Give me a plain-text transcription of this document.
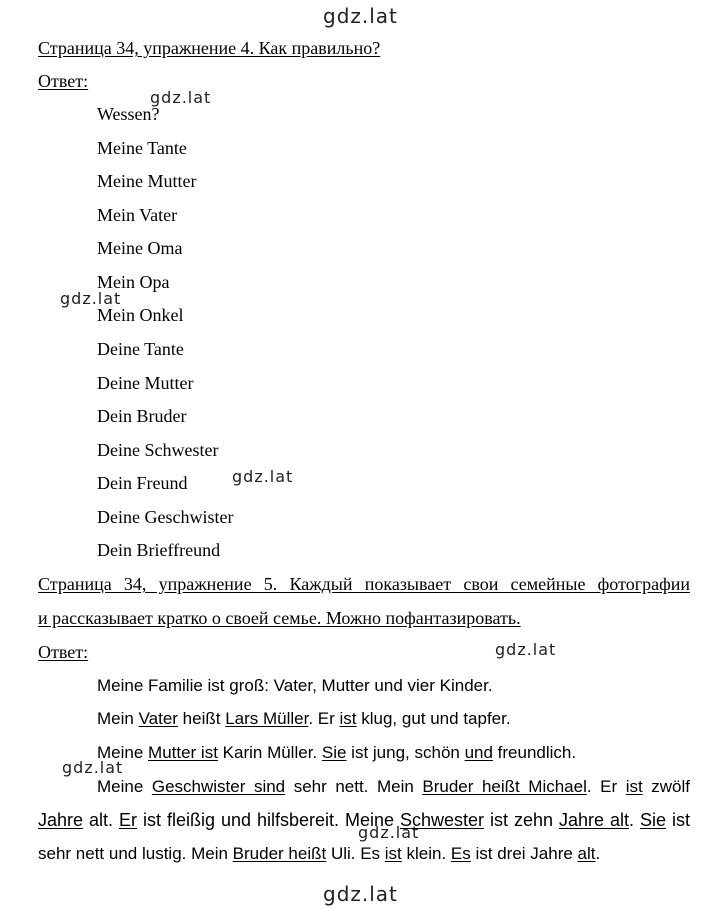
gdz.lat
gdz.lat
gdz.lat
gdz.lat
gdz.lat
gdz.lat
gdz.lat
gdz.lat
Страница 34, упражнение 4. Как правильно?
Ответ:
Wessen?
Meine Tante
Meine Mutter
Mein Vater
Meine Oma
Mein Opa
Mein Onkel
Deine Tante
Deine Mutter
Dein Bruder
Deine Schwester
Dein Freund
Deine Geschwister
Dein Brieffreund
Страница 34, упражнение 5. Каждый показывает свои семейные фотографии
и рассказывает кратко о своей семье. Можно пофантазировать.
Ответ:
Meine Familie ist groß: Vater, Mutter und vier Kinder.
Mein Vater heißt Lars Müller. Er ist klug, gut und tapfer.
Meine Mutter ist Karin Müller. Sie ist jung, schön und freundlich.
Meine Geschwister sind sehr nett. Mein Bruder heißt Michael. Er ist zwölf
Jahre alt. Er ist fleißig und hilfsbereit. Meine Schwester ist zehn Jahre alt. Sie ist
sehr nett und lustig. Mein Bruder heißt Uli. Es ist klein. Es ist drei Jahre alt.
